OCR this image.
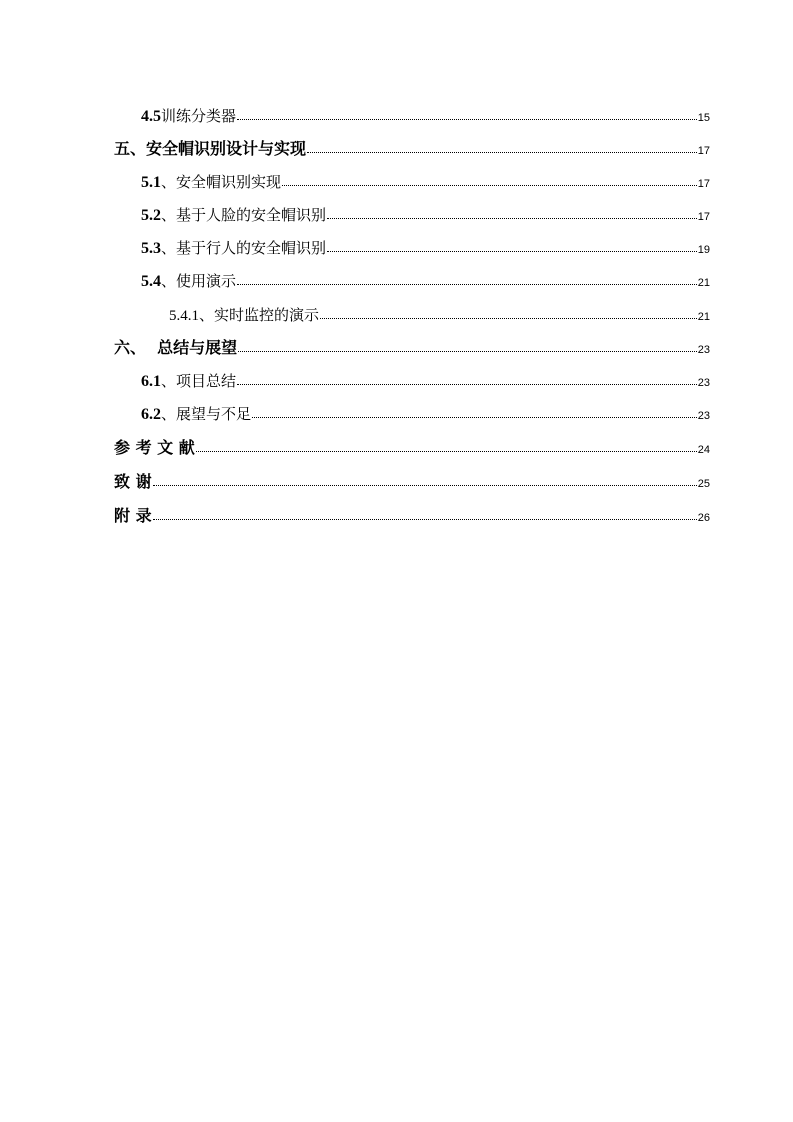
4.5 训练分类器	15
五、安全帽识别设计与实现	17
5.1 、安全帽识别实现	17
5.2 、基于人脸的安全帽识别	17
5.3 、基于行人的安全帽识别	19
5.4 、使用演示	21
5.4.1 、实时监控的演示	21
六、  总结与展望	23
6.1 、项目总结	23
6.2 、展望与不足	23
参 考 文 献	24
致 谢	25
附 录	26
